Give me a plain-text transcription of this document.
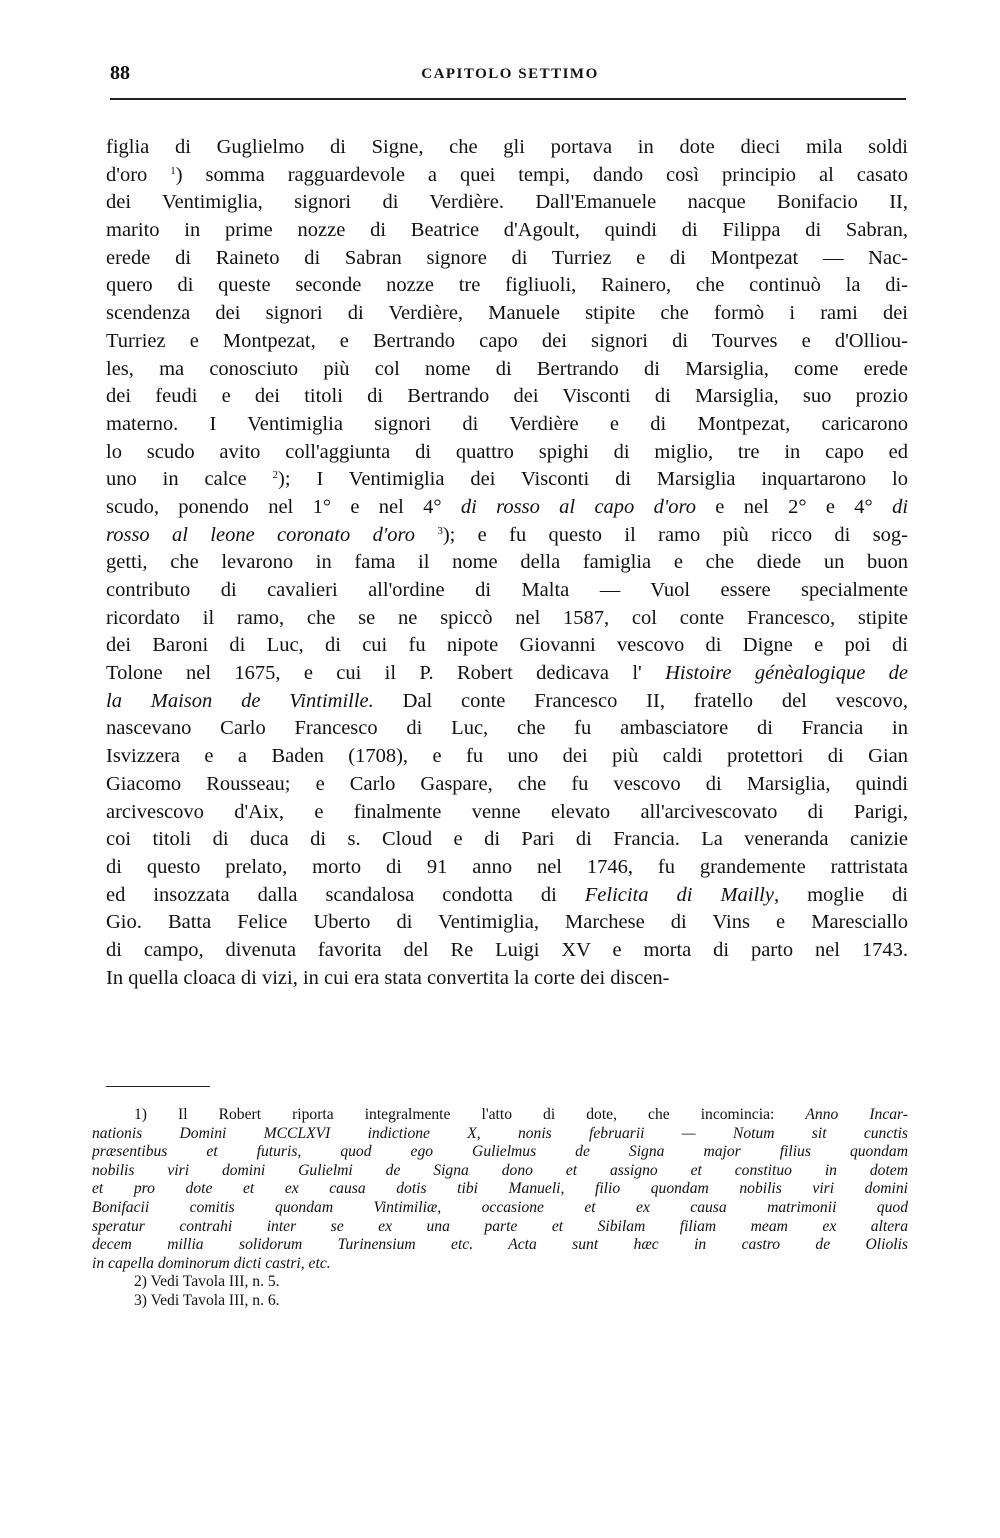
88	CAPITOLO SETTIMO
figlia di Guglielmo di Signe, che gli portava in dote dieci mila soldi
d'oro $^1$) somma ragguardevole a quei tempi, dando così principio al casato
dei Ventimiglia, signori di Verdière. Dall'Emanuele nacque Bonifacio II,
marito in prime nozze di Beatrice d'Agoult, quindi di Filippa di Sabran,
erede di Raineto di Sabran signore di Turriez e di Montpezat — Nac-
quero di queste seconde nozze tre figliuoli, Rainero, che continuò la di-
scendenza dei signori di Verdière, Manuele stipite che formò i rami dei
Turriez e Montpezat, e Bertrando capo dei signori di Tourves e d'Olliou-
les, ma conosciuto più col nome di Bertrando di Marsiglia, come erede
dei feudi e dei titoli di Bertrando dei Visconti di Marsiglia, suo prozio
materno. I Ventimiglia signori di Verdière e di Montpezat, caricarono
lo scudo avito coll'aggiunta di quattro spighi di miglio, tre in capo ed
uno in calce $^2$); I Ventimiglia dei Visconti di Marsiglia inquartarono lo
scudo, ponendo nel 1° e nel 4° di rosso al capo d'oro e nel 2° e 4° di
rosso al leone coronato d'oro $^3$); e fu questo il ramo più ricco di sog-
getti, che levarono in fama il nome della famiglia e che diede un buon
contributo di cavalieri all'ordine di Malta — Vuol essere specialmente
ricordato il ramo, che se ne spiccò nel 1587, col conte Francesco, stipite
dei Baroni di Luc, di cui fu nipote Giovanni vescovo di Digne e poi di
Tolone nel 1675, e cui il P. Robert dedicava l' Histoire génèalogique de
la Maison de Vintimille. Dal conte Francesco II, fratello del vescovo,
nascevano Carlo Francesco di Luc, che fu ambasciatore di Francia in
Isvizzera e a Baden (1708), e fu uno dei più caldi protettori di Gian
Giacomo Rousseau; e Carlo Gaspare, che fu vescovo di Marsiglia, quindi
arcivescovo d'Aix, e finalmente venne elevato all'arcivescovato di Parigi,
coi titoli di duca di s. Cloud e di Pari di Francia. La veneranda canizie
di questo prelato, morto di 91 anno nel 1746, fu grandemente rattristata
ed insozzata dalla scandalosa condotta di Felicita di Mailly, moglie di
Gio. Batta Felice Uberto di Ventimiglia, Marchese di Vins e Maresciallo
di campo, divenuta favorita del Re Luigi XV e morta di parto nel 1743.
In quella cloaca di vizi, in cui era stata convertita la corte dei discen-
1) Il Robert riporta integralmente l'atto di dote, che incomincia: Anno Incar-
nationis Domini MCCLXVI indictione X, nonis februarii — Notum sit cunctis
præsentibus et futuris, quod ego Gulielmus de Signa major filius quondam
nobilis viri domini Gulielmi de Signa dono et assigno et constituo in dotem
et pro dote et ex causa dotis tibi Manueli, filio quondam nobilis viri domini
Bonifacii comitis quondam Vintimiliæ, occasione et ex causa matrimonii quod
speratur contrahi inter se ex una parte et Sibilam filiam meam ex altera
decem millia solidorum Turinensium etc. Acta sunt hæc in castro de Oliolis
in capella dominorum dicti castri, etc.
2) Vedi Tavola III, n. 5.
3) Vedi Tavola III, n. 6.
